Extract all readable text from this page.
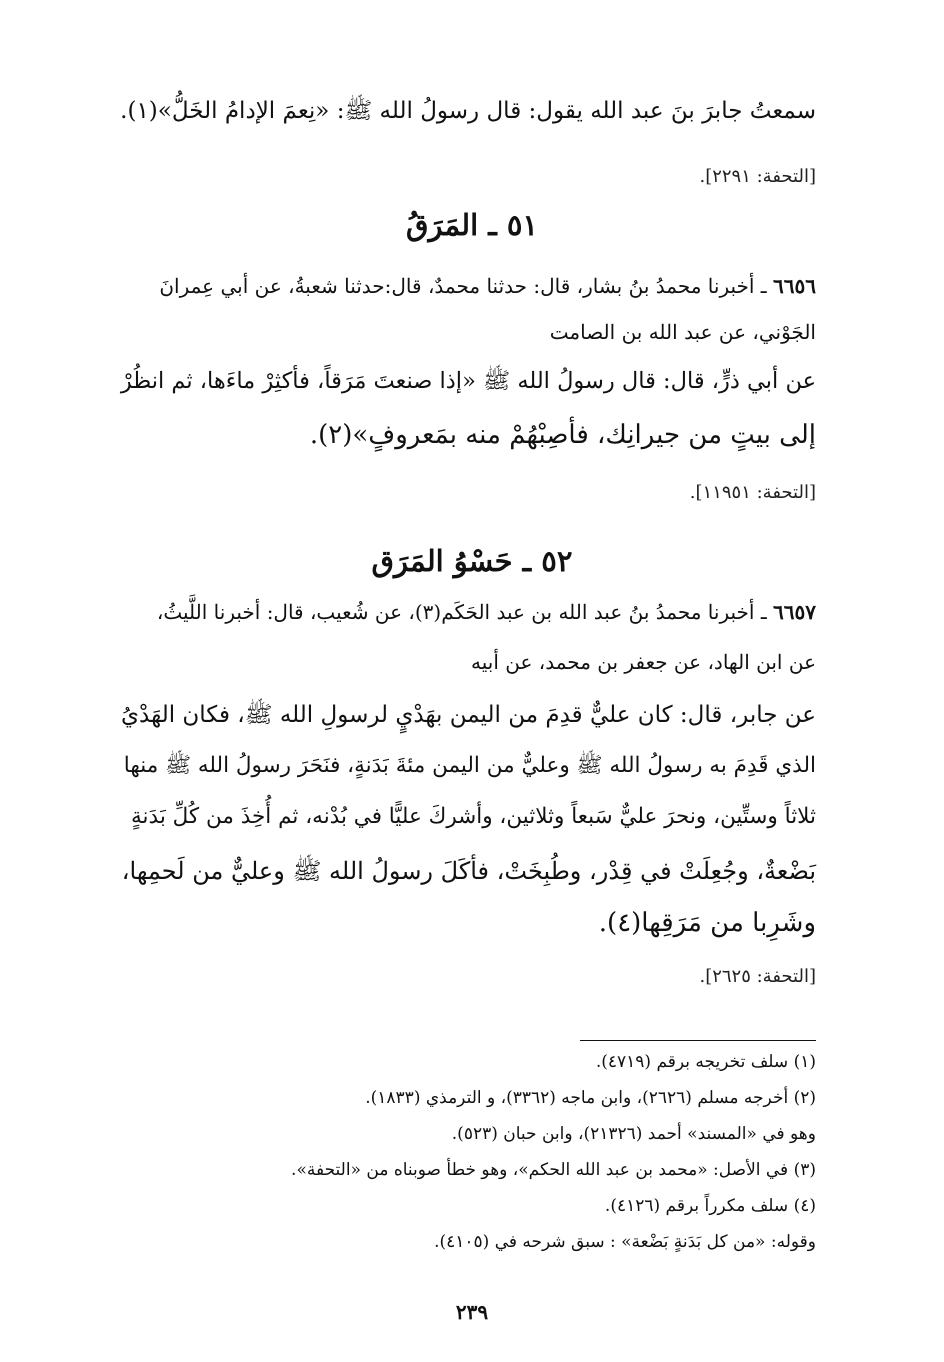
سمعتُ جابرَ بنَ عبد الله يقول: قال رسولُ الله ﷺ: «نِعمَ الإدامُ الخَلُّ»(١).
[التحفة: ٢٢٩١].
٥١ ـ المَرَقُ
٦٦٥٦ ـ أخبرنا محمدُ بنُ بشار، قال: حدثنا محمدٌ، قال:حدثنا شعبةُ، عن أبي عِمرانَ
الجَوْني، عن عبد الله بن الصامت
عن أبي ذرٍّ، قال: قال رسولُ الله ﷺ «إذا صنعتَ مَرَقاً، فأكثِرْ ماءَها، ثم انظُرْ
إلى بيتٍ من جيرانِك، فأصِبْهُمْ منه بمَعروفٍ»(٢).
[التحفة: ١١٩٥١].
٥٢ ـ حَسْوُ المَرَق
٦٦٥٧ ـ أخبرنا محمدُ بنُ عبد الله بن عبد الحَكَم(٣)، عن شُعيب، قال: أخبرنا اللَّيثُ،
عن ابن الهاد، عن جعفر بن محمد، عن أبيه
عن جابر، قال: كان عليٌّ قدِمَ من اليمن بهَدْيٍ لرسولِ الله ﷺ، فكان الهَدْيُ
الذي قَدِمَ به رسولُ الله ﷺ وعليٌّ من اليمن مئةَ بَدَنةٍ، فنَحَرَ رسولُ الله ﷺ منها
ثلاثاً وستِّين، ونحرَ عليٌّ سَبعاً وثلاثين، وأشركَ عليًّا في بُدْنه، ثم أُخِذَ من كُلِّ بَدَنةٍ
بَضْعةٌ، وجُعِلَتْ في قِدْر، وطُبِخَتْ، فأكَلَ رسولُ الله ﷺ وعليٌّ من لَحمِها،
وشَرِبا من مَرَقِها(٤).
[التحفة: ٢٦٢٥].
(١) سلف تخريجه برقم (٤٧١٩).
(٢) أخرجه مسلم (٢٦٢٦)، وابن ماجه (٣٣٦٢)، و الترمذي (١٨٣٣).
وهو في «المسند» أحمد (٢١٣٢٦)، وابن حبان (٥٢٣).
(٣) في الأصل: «محمد بن عبد الله الحكم»، وهو خطأ صوبناه من «التحفة».
(٤) سلف مكرراً برقم (٤١٢٦).
وقوله: «من كل بَدَنةٍ بَضْعة» : سبق شرحه في (٤١٠٥).
٢٣٩
